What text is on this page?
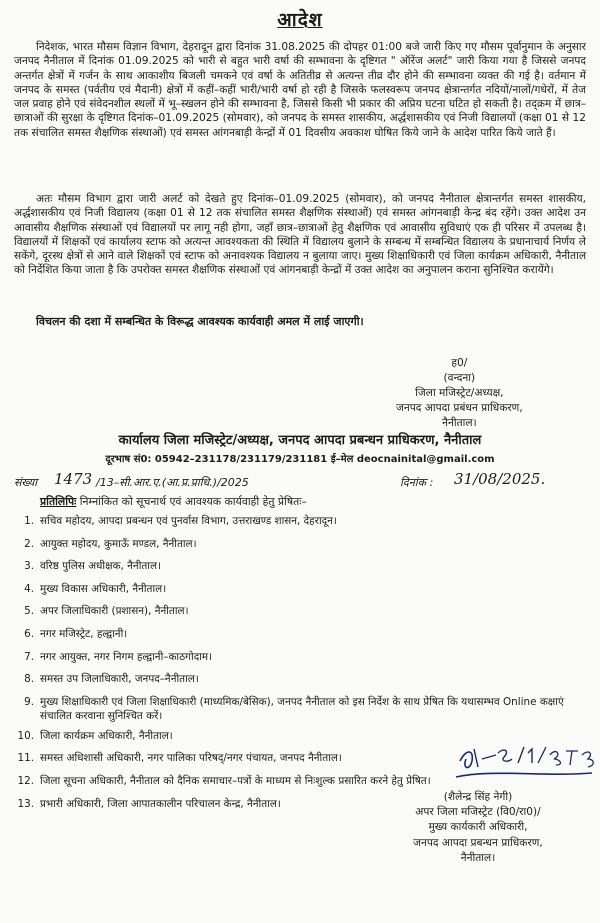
आदेश

निदेशक, भारत मौसम विज्ञान विभाग, देहरादून द्वारा दिनांक 31.08.2025 की दोपहर 01:00 बजे जारी किए गए मौसम पूर्वानुमान के अनुसार जनपद नैनीताल में दिनांक 01.09.2025 को भारी से बहुत भारी वर्षा की सम्भावना के दृष्टिगत " ऑरेंज अलर्ट" जारी किया गया है जिससे जनपद अन्तर्गत क्षेत्रों में गर्जन के साथ आकाशीय बिजली चमकने एवं वर्षा के अतितीव्र से अत्यन्त तीव्र दौर होने की सम्भावना व्यक्त की गई है। वर्तमान में जनपद के समस्त (पर्वतीय एवं मैदानी) क्षेत्रों में कहीं–कहीं भारी/भारी वर्षा हो रही है जिसके फलस्वरूप जनपद क्षेत्रान्तर्गत नदियों/नालों/गधेरों, में तेज जल प्रवाह होने एवं संवेदनशील स्थलों में भू–स्खलन होने की सम्भावना है, जिससे किसी भी प्रकार की अप्रिय घटना घटित हो सकती है। तद्क्रम में छात्र–छात्राओं की सुरक्षा के दृष्टिगत दिनांक–01.09.2025 (सोमवार), को जनपद के समस्त शासकीय, अर्द्धशासकीय एवं निजी विद्यालयों (कक्षा 01 से 12 तक संचालित समस्त शैक्षणिक संस्थाओं) एवं समस्त आंगनबाड़ी केन्द्रों में 01 दिवसीय अवकाश घोषित किये जाने के आदेश पारित किये जाते हैं।

अतः मौसम विभाग द्वारा जारी अलर्ट को देखते हुए दिनांक–01.09.2025 (सोमवार), को जनपद नैनीताल क्षेत्रान्तर्गत समस्त शासकीय, अर्द्धशासकीय एवं निजी विद्यालय (कक्षा 01 से 12 तक संचालित समस्त शैक्षणिक संस्थाओं) एवं समस्त आंगनबाड़ी केन्द्र बंद रहेंगे। उक्त आदेश उन आवासीय शैक्षणिक संस्थाओं एवं विद्यालयों पर लागू नही होगा, जहाँ छात्र–छात्राओं हेतु शैक्षणिक एवं आवासीय सुविधाएं एक ही परिसर में उपलब्ध है। विद्यालयों में शिक्षकों एवं कार्यालय स्टाफ को अत्यन्त आवश्यकता की स्थिति में विद्यालय बुलाने के सम्बन्ध में सम्बन्धित विद्यालय के प्रधानाचार्य निर्णय ले सकेंगे, दूरस्थ क्षेत्रों से आने वाले शिक्षकों एवं स्टाफ को अनावश्यक विद्यालय न बुलाया जाए। मुख्य शिक्षाधिकारी एवं जिला कार्यक्रम अधिकारी, नैनीताल को निर्देशित किया जाता है कि उपरोक्त समस्त शैक्षणिक संस्थाओं एवं आंगनबाड़ी केन्द्रों में उक्त आदेश का अनुपालन कराना सुनिश्चित करायेंगे।

विचलन की दशा में सम्बन्धित के विरूद्ध आवश्यक कार्यवाही अमल में लाई जाएगी।

ह0/
(वन्दना)
जिला मजिस्ट्रेट/अध्यक्ष,
जनपद आपदा प्रबंधन प्राधिकरण,
नैनीताल।
कार्यालय जिला मजिस्ट्रेट/अध्यक्ष, जनपद आपदा प्रबन्धन प्राधिकरण, नैनीताल
दूरभाष सं0: 05942–231178/231179/231181 ई–मेल deocnainital@gmail.com
संख्या 1473 /13–सी.आर.ए.(आ.प्र.प्राधि.)/2025	दिनांक : 31/08/2025.
प्रतिलिपिः निम्नांकित को सूचनार्थ एवं आवश्यक कार्यवाही हेतु प्रेषितः–
1. सचिव महोदय, आपदा प्रबन्धन एवं पुनर्वास विभाग, उत्तराखण्ड शासन, देहरादून।
2. आयुक्त महोदय, कुमाऊँ मण्डल, नैनीताल।
3. वरिष्ठ पुलिस अधीक्षक, नैनीताल।
4. मुख्य विकास अधिकारी, नैनीताल।
5. अपर जिलाधिकारी (प्रशासन), नैनीताल।
6. नगर मजिस्ट्रेट, हल्द्वानी।
7. नगर आयुक्त, नगर निगम हल्द्वानी–काठगोदाम।
8. समस्त उप जिलाधिकारी, जनपद–नैनीताल।
9. मुख्य शिक्षाधिकारी एवं जिला शिक्षाधिकारी (माध्यमिक/बेसिक), जनपद नैनीताल को इस निर्देश के साथ प्रेषित कि यथासम्भव Online कक्षाएं संचालित करवाना सुनिश्चित करें।
10. जिला कार्यक्रम अधिकारी, नैनीताल।
11. समस्त अधिशासी अधिकारी, नगर पालिका परिषद्/नगर पंचायत, जनपद नैनीताल।
12. जिला सूचना अधिकारी, नैनीताल को दैनिक समाचार–पत्रों के माध्यम से निःशुल्क प्रसारित करने हेतु प्रेषित।
13. प्रभारी अधिकारी, जिला आपातकालीन परिचालन केन्द्र, नैनीताल।
(शैलेन्द्र सिंह नेगी)
अपर जिला मजिस्ट्रेट (वि0/रा0)/
मुख्य कार्यकारी अधिकारी,
जनपद आपदा प्रबन्धन प्राधिकरण,
नैनीताल।
